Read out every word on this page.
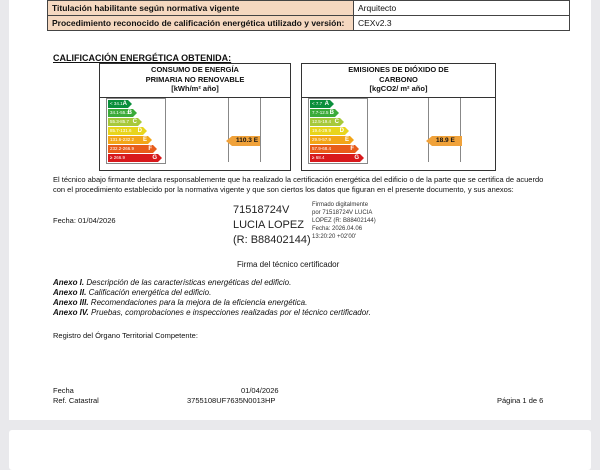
Titulación habilitante según normativa vigente	Arquitecto
Procedimiento reconocido de calificación energética utilizado y versión:	CEXv2.3
CALIFICACIÓN ENERGÉTICA OBTENIDA:
CONSUMO DE ENERGÍA
PRIMARIA NO RENOVABLE
[kWh/m² año]
< 34.1 A
34.1-55.3
B
55.3-85.7 C
85.7-131.6 D
131.6-232.2 E
232.2-266.9 F
≥ 266.9	G
110.3 E
EMISIONES DE DIÓXIDO DE
CARBONO
[kgCO2/ m² año]
< 7.7 A
7.7-12.5 B
12.5-19.4 C
19.4-29.9 D
29.9-57.9 E
57.9-68.4	F
≥ 68.4	G
18.9 E
El técnico abajo firmante declara responsablemente que ha realizado la certificación energética del edificio o de la parte que se certifica de acuerdo con el procedimiento establecido por la normativa vigente y que son ciertos los datos que figuran en el presente documento, y sus anexos:
Fecha: 01/04/2026
71518724V
LUCIA LOPEZ
(R: B88402144)
Firmado digitalmente
por 71518724V LUCIA
LOPEZ (R: B88402144)
Fecha: 2026.04.06
13:20:20 +02'00'
Firma del técnico certificador
Anexo I. Descripción de las características energéticas del edificio.
Anexo II. Calificación energética del edificio.
Anexo III. Recomendaciones para la mejora de la eficiencia energética.
Anexo IV. Pruebas, comprobaciones e inspecciones realizadas por el técnico certificador.
Registro del Órgano Territorial Competente:
Fecha	01/04/2026
Ref. Catastral	3755108UF7635N0013HP	Página 1 de 6
